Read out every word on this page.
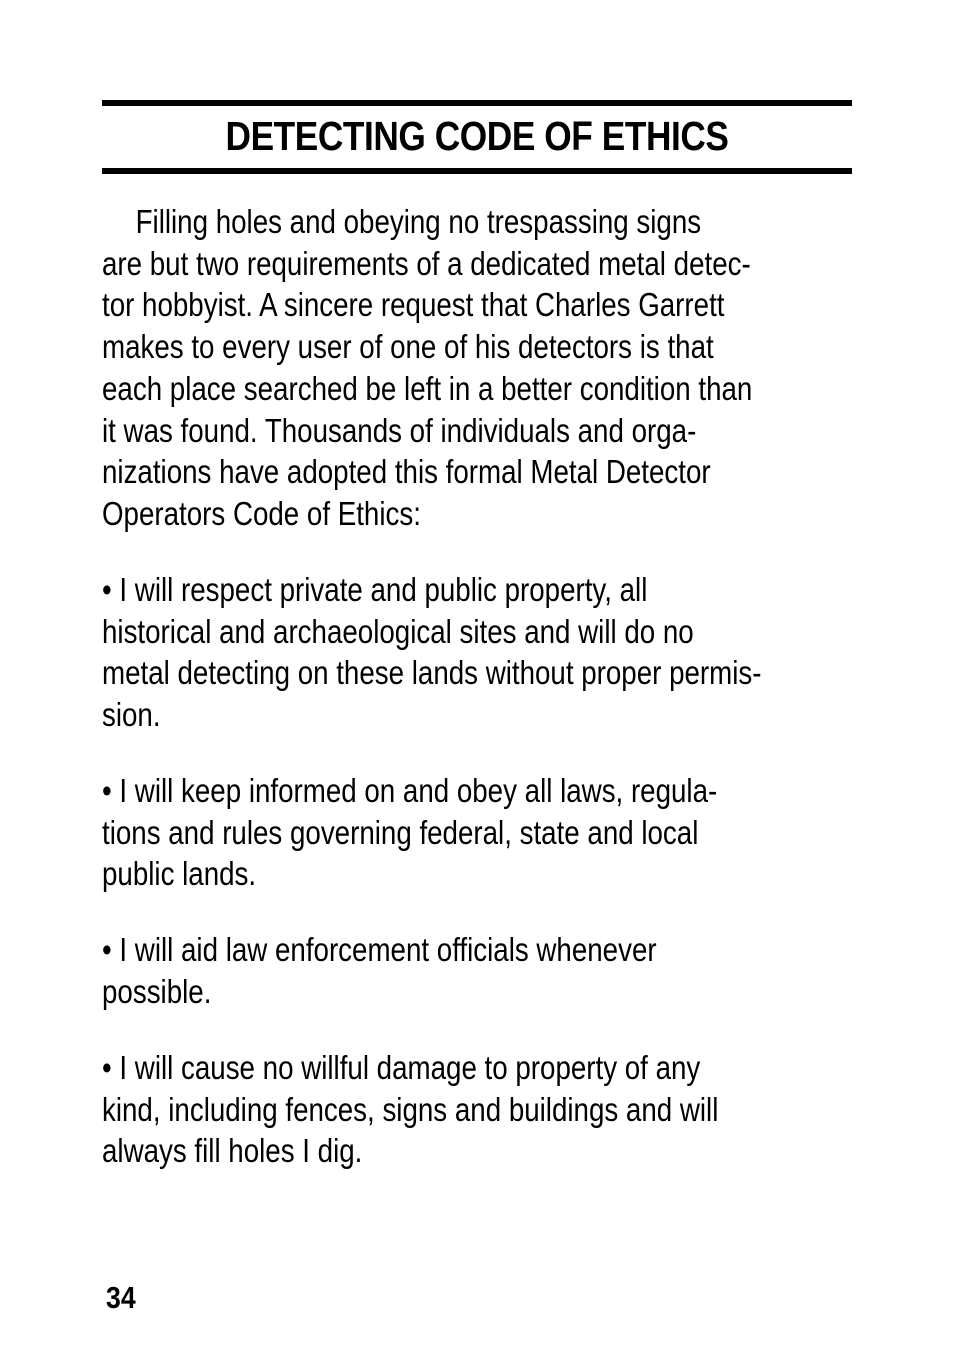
DETECTING CODE OF ETHICS
Filling holes and obeying no trespassing signs
are but two requirements of a dedicated metal detec-
tor hobbyist. A sincere request that Charles Garrett
makes to every user of one of his detectors is that
each place searched be left in a better condition than
it was found. Thousands of individuals and orga-
nizations have adopted this formal Metal Detector
Operators Code of Ethics:
• I will respect private and public property, all
historical and archaeological sites and will do no
metal detecting on these lands without proper permis-
sion.
• I will keep informed on and obey all laws, regula-
tions and rules governing federal, state and local
public lands.
• I will aid law enforcement officials whenever
possible.
• I will cause no willful damage to property of any
kind, including fences, signs and buildings and will
always fill holes I dig.
34
